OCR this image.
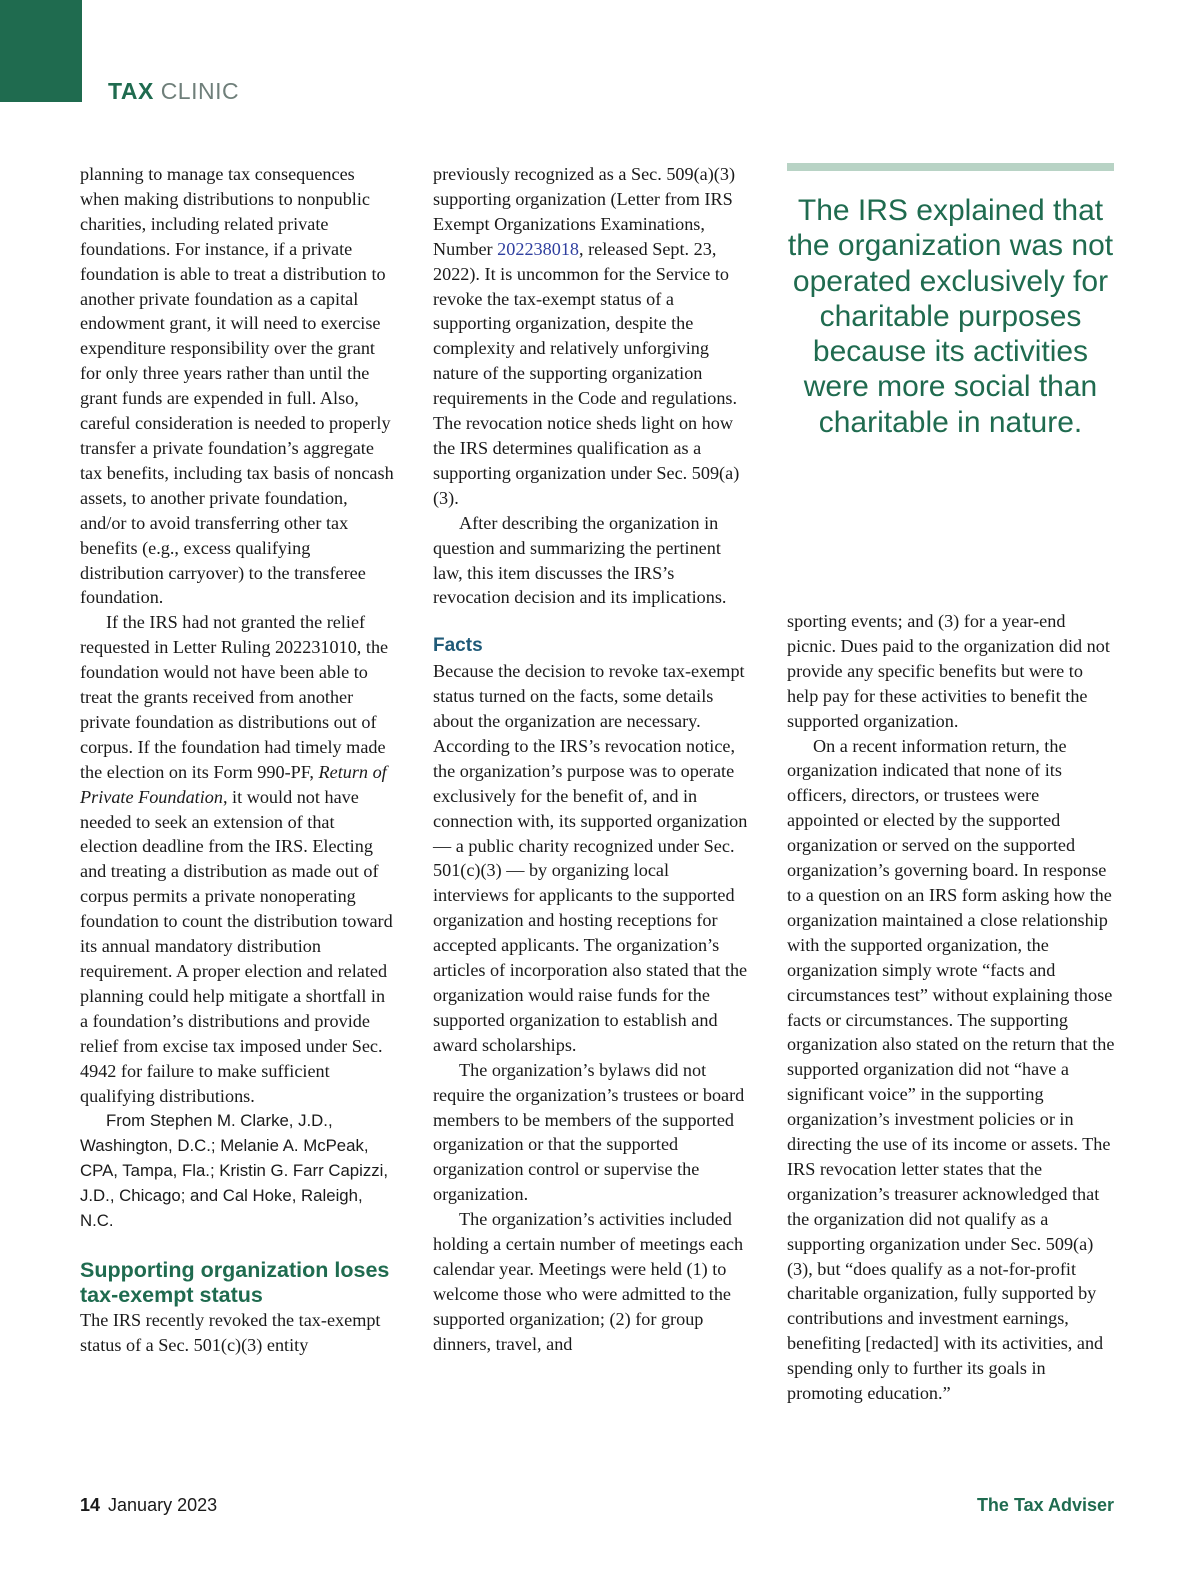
TAX CLINIC

planning to manage tax consequences when making distributions to nonpublic charities, including related private foundations. For instance, if a private foundation is able to treat a distribution to another private foundation as a capital endowment grant, it will need to exercise expenditure responsibility over the grant for only three years rather than until the grant funds are expended in full. Also, careful consideration is needed to properly transfer a private foundation’s aggregate tax benefits, including tax basis of noncash assets, to another private foundation, and/or to avoid transferring other tax benefits (e.g., excess qualifying distribution carryover) to the transferee foundation.

If the IRS had not granted the relief requested in Letter Ruling 202231010, the foundation would not have been able to treat the grants received from another private foundation as distributions out of corpus. If the foundation had timely made the election on its Form 990-PF, Return of Private Foundation, it would not have needed to seek an extension of that election deadline from the IRS. Electing and treating a distribution as made out of corpus permits a private nonoperating foundation to count the distribution toward its annual mandatory distribution requirement. A proper election and related planning could help mitigate a shortfall in a foundation’s distributions and provide relief from excise tax imposed under Sec. 4942 for failure to make sufficient qualifying distributions.

From Stephen M. Clarke, J.D., Washington, D.C.; Melanie A. McPeak, CPA, Tampa, Fla.; Kristin G. Farr Capizzi, J.D., Chicago; and Cal Hoke, Raleigh, N.C.

Supporting organization loses tax-exempt status

The IRS recently revoked the tax-exempt status of a Sec. 501(c)(3) entity

previously recognized as a Sec. 509(a)(3) supporting organization (Letter from IRS Exempt Organizations Examinations, Number 202238018, released Sept. 23, 2022). It is uncommon for the Service to revoke the tax-exempt status of a supporting organization, despite the complexity and relatively unforgiving nature of the supporting organization requirements in the Code and regulations. The revocation notice sheds light on how the IRS determines qualification as a supporting organization under Sec. 509(a)(3).

After describing the organization in question and summarizing the pertinent law, this item discusses the IRS’s revocation decision and its implications.

Facts

Because the decision to revoke tax-exempt status turned on the facts, some details about the organization are necessary. According to the IRS’s revocation notice, the organization’s purpose was to operate exclusively for the benefit of, and in connection with, its supported organization — a public charity recognized under Sec. 501(c)(3) — by organizing local interviews for applicants to the supported organization and hosting receptions for accepted applicants. The organization’s articles of incorporation also stated that the organization would raise funds for the supported organization to establish and award scholarships.

The organization’s bylaws did not require the organization’s trustees or board members to be members of the supported organization or that the supported organization control or supervise the organization.

The organization’s activities included holding a certain number of meetings each calendar year. Meetings were held (1) to welcome those who were admitted to the supported organization; (2) for group dinners, travel, and

The IRS explained that the organization was not operated exclusively for charitable purposes because its activities were more social than charitable in nature.

sporting events; and (3) for a year-end picnic. Dues paid to the organization did not provide any specific benefits but were to help pay for these activities to benefit the supported organization.

On a recent information return, the organization indicated that none of its officers, directors, or trustees were appointed or elected by the supported organization or served on the supported organization’s governing board. In response to a question on an IRS form asking how the organization maintained a close relationship with the supported organization, the organization simply wrote “facts and circumstances test” without explaining those facts or circumstances. The supporting organization also stated on the return that the supported organization did not “have a significant voice” in the supporting organization’s investment policies or in directing the use of its income or assets. The IRS revocation letter states that the organization’s treasurer acknowledged that the organization did not qualify as a supporting organization under Sec. 509(a)(3), but “does qualify as a not-for-profit charitable organization, fully supported by contributions and investment earnings, benefiting [redacted] with its activities, and spending only to further its goals in promoting education.”

14 January 2023	The Tax Adviser
